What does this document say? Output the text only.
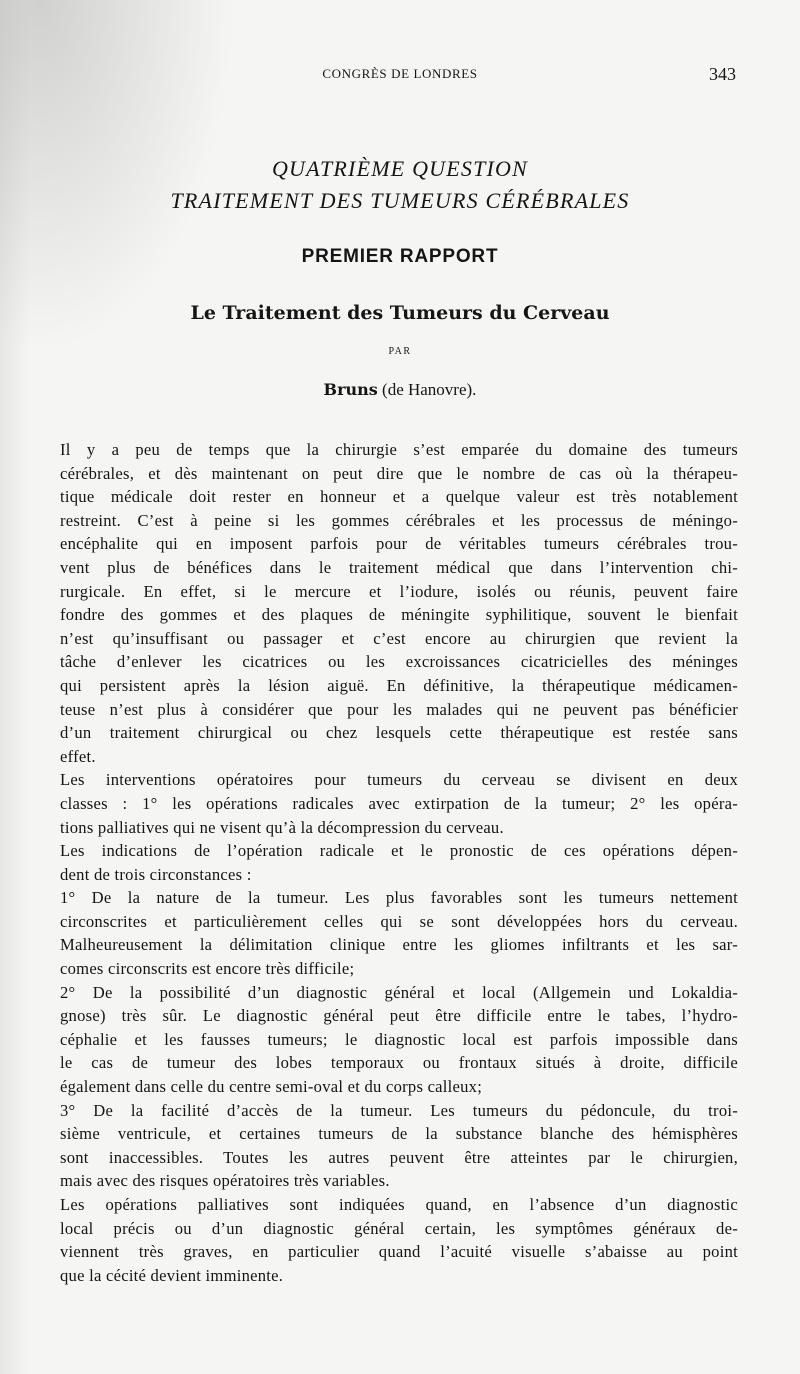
CONGRÈS DE LONDRES	343
QUATRIÈME QUESTION
TRAITEMENT DES TUMEURS CÉRÉBRALES
PREMIER RAPPORT
Le Traitement des Tumeurs du Cerveau
PAR
Bruns (de Hanovre).
Il y a peu de temps que la chirurgie s’est emparée du domaine des tumeurs
cérébrales, et dès maintenant on peut dire que le nombre de cas où la thérapeu-
tique médicale doit rester en honneur et a quelque valeur est très notablement
restreint. C’est à peine si les gommes cérébrales et les processus de méningo-
encéphalite qui en imposent parfois pour de véritables tumeurs cérébrales trou-
vent plus de bénéfices dans le traitement médical que dans l’intervention chi-
rurgicale. En effet, si le mercure et l’iodure, isolés ou réunis, peuvent faire
fondre des gommes et des plaques de méningite syphilitique, souvent le bienfait
n’est qu’insuffisant ou passager et c’est encore au chirurgien que revient la
tâche d’enlever les cicatrices ou les excroissances cicatricielles des méninges
qui persistent après la lésion aiguë. En définitive, la thérapeutique médicamen-
teuse n’est plus à considérer que pour les malades qui ne peuvent pas bénéficier
d’un traitement chirurgical ou chez lesquels cette thérapeutique est restée sans
effet.
Les interventions opératoires pour tumeurs du cerveau se divisent en deux
classes : 1° les opérations radicales avec extirpation de la tumeur; 2° les opéra-
tions palliatives qui ne visent qu’à la décompression du cerveau.
Les indications de l’opération radicale et le pronostic de ces opérations dépen-
dent de trois circonstances :
1° De la nature de la tumeur. Les plus favorables sont les tumeurs nettement
circonscrites et particulièrement celles qui se sont développées hors du cerveau.
Malheureusement la délimitation clinique entre les gliomes infiltrants et les sar-
comes circonscrits est encore très difficile;
2° De la possibilité d’un diagnostic général et local (Allgemein und Lokaldia-
gnose) très sûr. Le diagnostic général peut être difficile entre le tabes, l’hydro-
céphalie et les fausses tumeurs; le diagnostic local est parfois impossible dans
le cas de tumeur des lobes temporaux ou frontaux situés à droite, difficile
également dans celle du centre semi-oval et du corps calleux;
3° De la facilité d’accès de la tumeur. Les tumeurs du pédoncule, du troi-
sième ventricule, et certaines tumeurs de la substance blanche des hémisphères
sont inaccessibles. Toutes les autres peuvent être atteintes par le chirurgien,
mais avec des risques opératoires très variables.
Les opérations palliatives sont indiquées quand, en l’absence d’un diagnostic
local précis ou d’un diagnostic général certain, les symptômes généraux de-
viennent très graves, en particulier quand l’acuité visuelle s’abaisse au point
que la cécité devient imminente.
